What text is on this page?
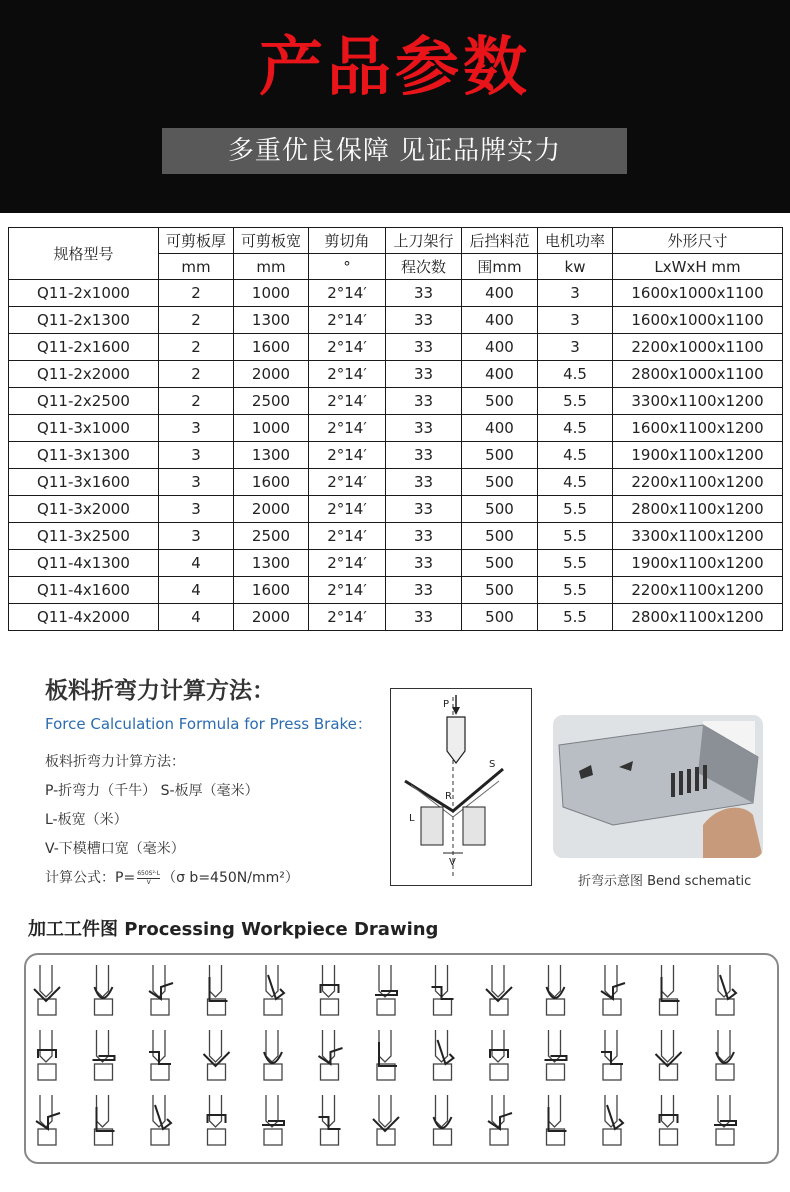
产品参数
多重优良保障 见证品牌实力
规格型号	可剪板厚	可剪板宽	剪切角	上刀架行	后挡料范	电机功率	外形尺寸
	mm	mm	°	程次数	围mm	kw	LxWxH mm
Q11-2x1000	2	1000	2°14′	33	400	3	1600x1000x1100
Q11-2x1300	2	1300	2°14′	33	400	3	1600x1000x1100
Q11-2x1600	2	1600	2°14′	33	400	3	2200x1000x1100
Q11-2x2000	2	2000	2°14′	33	400	4.5	2800x1000x1100
Q11-2x2500	2	2500	2°14′	33	500	5.5	3300x1100x1200
Q11-3x1000	3	1000	2°14′	33	400	4.5	1600x1100x1200
Q11-3x1300	3	1300	2°14′	33	500	4.5	1900x1100x1200
Q11-3x1600	3	1600	2°14′	33	500	4.5	2200x1100x1200
Q11-3x2000	3	2000	2°14′	33	500	5.5	2800x1100x1200
Q11-3x2500	3	2500	2°14′	33	500	5.5	3300x1100x1200
Q11-4x1300	4	1300	2°14′	33	500	5.5	1900x1100x1200
Q11-4x1600	4	1600	2°14′	33	500	5.5	2200x1100x1200
Q11-4x2000	4	2000	2°14′	33	500	5.5	2800x1100x1200
板料折弯力计算方法：
Force Calculation Formula for Press Brake：
板料折弯力计算方法：
P-折弯力（千牛） S-板厚（毫米）
L-板宽（米）
V-下模槽口宽（毫米）
计算公式：$P= \frac{\text{650S²·L}}{V} (\sigma$ b=450N/mm²）
P
S
R
V
L
折弯示意图 Bend schematic
加工工件图 Processing Workpiece Drawing
